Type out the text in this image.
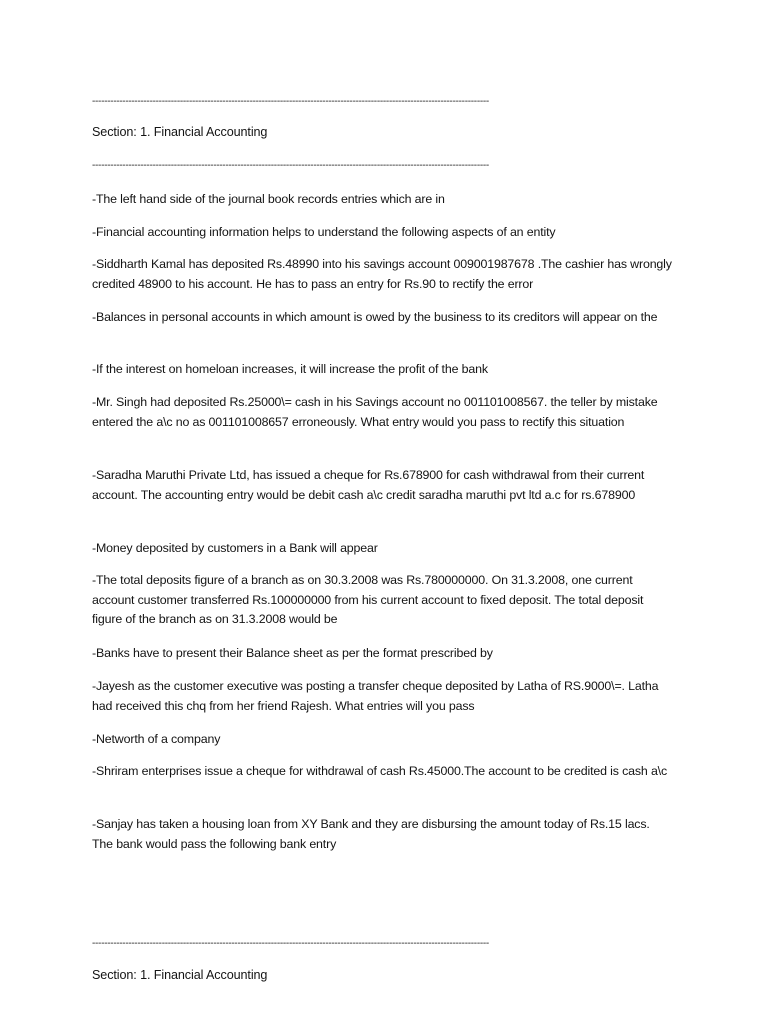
-----------------------------------------------------------------------------------------------------------------------------------
Section: 1. Financial Accounting
-----------------------------------------------------------------------------------------------------------------------------------
-The left hand side of the journal book records entries which are in
-Financial accounting information helps to understand the following aspects of an entity
-Siddharth Kamal has deposited Rs.48990 into his savings account 009001987678 .The cashier has wrongly credited 48900 to his account. He has to pass an entry for Rs.90 to rectify the error
-Balances in personal accounts in which amount is owed by the business to its creditors will appear on the
-If the interest on homeloan increases, it will increase the profit of the bank
-Mr. Singh had deposited Rs.25000\= cash in his Savings account no 001101008567. the teller by mistake entered the a\c no as 001101008657 erroneously. What entry would you pass to rectify this situation
-Saradha Maruthi Private Ltd, has issued a cheque for Rs.678900 for cash withdrawal from their current account. The accounting entry would be debit cash a\c credit saradha maruthi pvt ltd a.c for rs.678900
-Money deposited by customers in a Bank will appear
-The total deposits figure of a branch as on 30.3.2008 was Rs.780000000. On 31.3.2008, one current account customer transferred Rs.100000000 from his current account to fixed deposit. The total deposit figure of the branch as on 31.3.2008 would be
-Banks have to present their Balance sheet as per the format prescribed by
-Jayesh as the customer executive was posting a transfer cheque deposited by Latha of RS.9000\=. Latha had received this chq from her friend Rajesh. What entries will you pass
-Networth of a company
-Shriram enterprises issue a cheque for withdrawal of cash Rs.45000.The account to be credited is cash a\c
-Sanjay has taken a housing loan from XY Bank and they are disbursing the amount today of Rs.15 lacs. The bank would pass the following bank entry
-----------------------------------------------------------------------------------------------------------------------------------
Section: 1. Financial Accounting
